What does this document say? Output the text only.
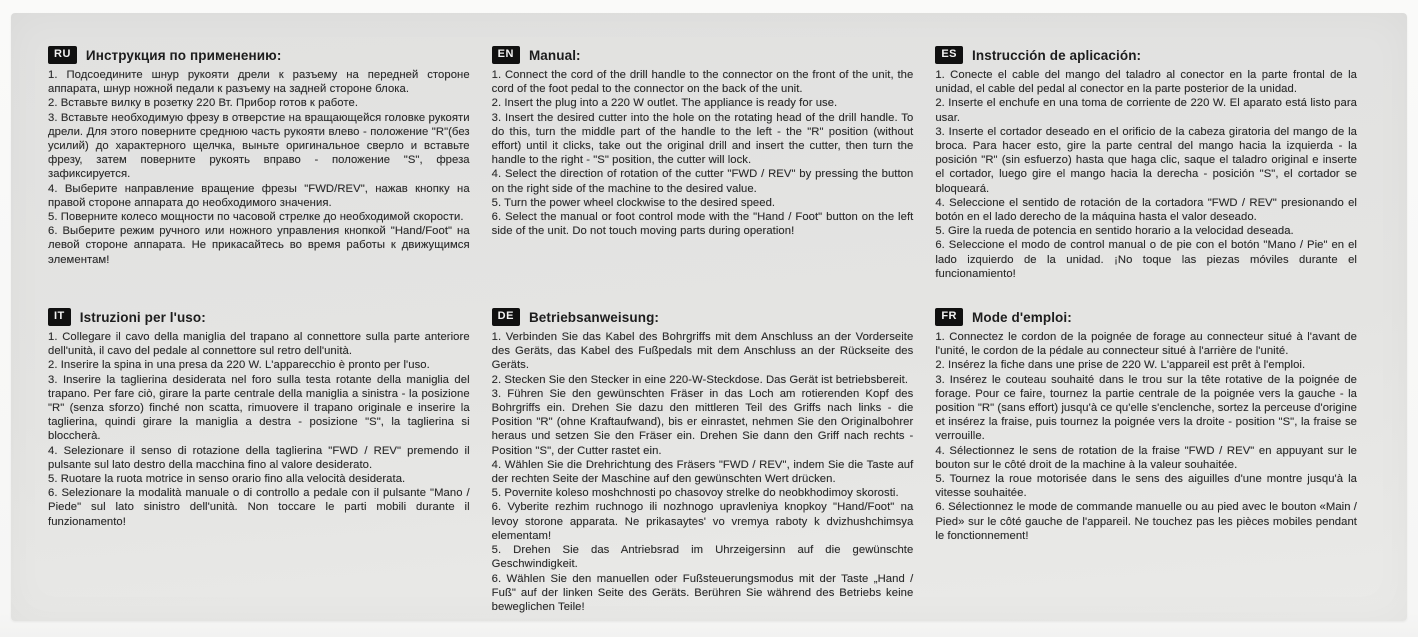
RU	Инструкция по применению:

1. Подсоедините шнур рукояти дрели к разъему на передней стороне аппарата, шнур ножной педали к разъему на задней стороне блока.

2. Вставьте вилку в розетку 220 Вт. Прибор готов к работе.

3. Вставьте необходимую фрезу в отверстие на вращающейся головке рукояти дрели. Для этого поверните среднюю часть рукояти влево - положение "R"(без усилий) до характерного щелчка, выньте оригинальное сверло и вставьте фрезу, затем поверните рукоять вправо - положение "S", фреза зафиксируется.

4. Выберите направление вращение фрезы "FWD/REV", нажав кнопку на правой стороне аппарата до необходимого значения.

5. Поверните колесо мощности по часовой стрелке до необходимой скорости.

6. Выберите режим ручного или ножного управления кнопкой "Hand/Foot" на левой стороне аппарата. Не прикасайтесь во время работы к движущимся элементам!

EN	Manual:

1. Connect the cord of the drill handle to the connector on the front of the unit, the cord of the foot pedal to the connector on the back of the unit.

2. Insert the plug into a 220 W outlet. The appliance is ready for use.

3. Insert the desired cutter into the hole on the rotating head of the drill handle. To do this, turn the middle part of the handle to the left - the "R" position (without effort) until it clicks, take out the original drill and insert the cutter, then turn the handle to the right - "S" position, the cutter will lock.

4. Select the direction of rotation of the cutter "FWD / REV" by pressing the button on the right side of the machine to the desired value.

5. Turn the power wheel clockwise to the desired speed.

6. Select the manual or foot control mode with the "Hand / Foot" button on the left side of the unit. Do not touch moving parts during operation!

ES	Instrucción de aplicación:

1. Conecte el cable del mango del taladro al conector en la parte frontal de la unidad, el cable del pedal al conector en la parte posterior de la unidad.

2. Inserte el enchufe en una toma de corriente de 220 W. El aparato está listo para usar.

3. Inserte el cortador deseado en el orificio de la cabeza giratoria del mango de la broca. Para hacer esto, gire la parte central del mango hacia la izquierda - la posición "R" (sin esfuerzo) hasta que haga clic, saque el taladro original e inserte el cortador, luego gire el mango hacia la derecha - posición "S", el cortador se bloqueará.

4. Seleccione el sentido de rotación de la cortadora "FWD / REV" presionando el botón en el lado derecho de la máquina hasta el valor deseado.

5. Gire la rueda de potencia en sentido horario a la velocidad deseada.

6. Seleccione el modo de control manual o de pie con el botón "Mano / Pie" en el lado izquierdo de la unidad. ¡No toque las piezas móviles durante el funcionamiento!

IT	Istruzioni per l'uso:

1. Collegare il cavo della maniglia del trapano al connettore sulla parte anteriore dell'unità, il cavo del pedale al connettore sul retro dell'unità.

2. Inserire la spina in una presa da 220 W. L'apparecchio è pronto per l'uso.

3. Inserire la taglierina desiderata nel foro sulla testa rotante della maniglia del trapano. Per fare ciò, girare la parte centrale della maniglia a sinistra - la posizione "R" (senza sforzo) finché non scatta, rimuovere il trapano originale e inserire la taglierina, quindi girare la maniglia a destra - posizione "S", la taglierina si bloccherà.

4. Selezionare il senso di rotazione della taglierina "FWD / REV" premendo il pulsante sul lato destro della macchina fino al valore desiderato.

5. Ruotare la ruota motrice in senso orario fino alla velocità desiderata.

6. Selezionare la modalità manuale o di controllo a pedale con il pulsante "Mano / Piede" sul lato sinistro dell'unità. Non toccare le parti mobili durante il funzionamento!

DE	Betriebsanweisung:

1. Verbinden Sie das Kabel des Bohrgriffs mit dem Anschluss an der Vorderseite des Geräts, das Kabel des Fußpedals mit dem Anschluss an der Rückseite des Geräts.

2. Stecken Sie den Stecker in eine 220-W-Steckdose. Das Gerät ist betriebsbereit.

3. Führen Sie den gewünschten Fräser in das Loch am rotierenden Kopf des Bohrgriffs ein. Drehen Sie dazu den mittleren Teil des Griffs nach links - die Position "R" (ohne Kraftaufwand), bis er einrastet, nehmen Sie den Originalbohrer heraus und setzen Sie den Fräser ein. Drehen Sie dann den Griff nach rechts - Position "S", der Cutter rastet ein.

4. Wählen Sie die Drehrichtung des Fräsers "FWD / REV", indem Sie die Taste auf der rechten Seite der Maschine auf den gewünschten Wert drücken.

5. Povernite koleso moshchnosti po chasovoy strelke do neobkhodimoy skorosti.

6. Vyberite rezhim ruchnogo ili nozhnogo upravleniya knopkoy "Hand/Foot" na levoy storone apparata. Ne prikasaytes' vo vremya raboty k dvizhushchimsya elementam!

5. Drehen Sie das Antriebsrad im Uhrzeigersinn auf die gewünschte Geschwindigkeit.

6. Wählen Sie den manuellen oder Fußsteuerungsmodus mit der Taste „Hand / Fuß" auf der linken Seite des Geräts. Berühren Sie während des Betriebs keine beweglichen Teile!

FR	Mode d'emploi:

1. Connectez le cordon de la poignée de forage au connecteur situé à l'avant de l'unité, le cordon de la pédale au connecteur situé à l'arrière de l'unité.

2. Insérez la fiche dans une prise de 220 W. L'appareil est prêt à l'emploi.

3. Insérez le couteau souhaité dans le trou sur la tête rotative de la poignée de forage. Pour ce faire, tournez la partie centrale de la poignée vers la gauche - la position "R" (sans effort) jusqu'à ce qu'elle s'enclenche, sortez la perceuse d'origine et insérez la fraise, puis tournez la poignée vers la droite - position "S", la fraise se verrouille.

4. Sélectionnez le sens de rotation de la fraise "FWD / REV" en appuyant sur le bouton sur le côté droit de la machine à la valeur souhaitée.

5. Tournez la roue motorisée dans le sens des aiguilles d'une montre jusqu'à la vitesse souhaitée.

6. Sélectionnez le mode de commande manuelle ou au pied avec le bouton «Main / Pied» sur le côté gauche de l'appareil. Ne touchez pas les pièces mobiles pendant le fonctionnement!
